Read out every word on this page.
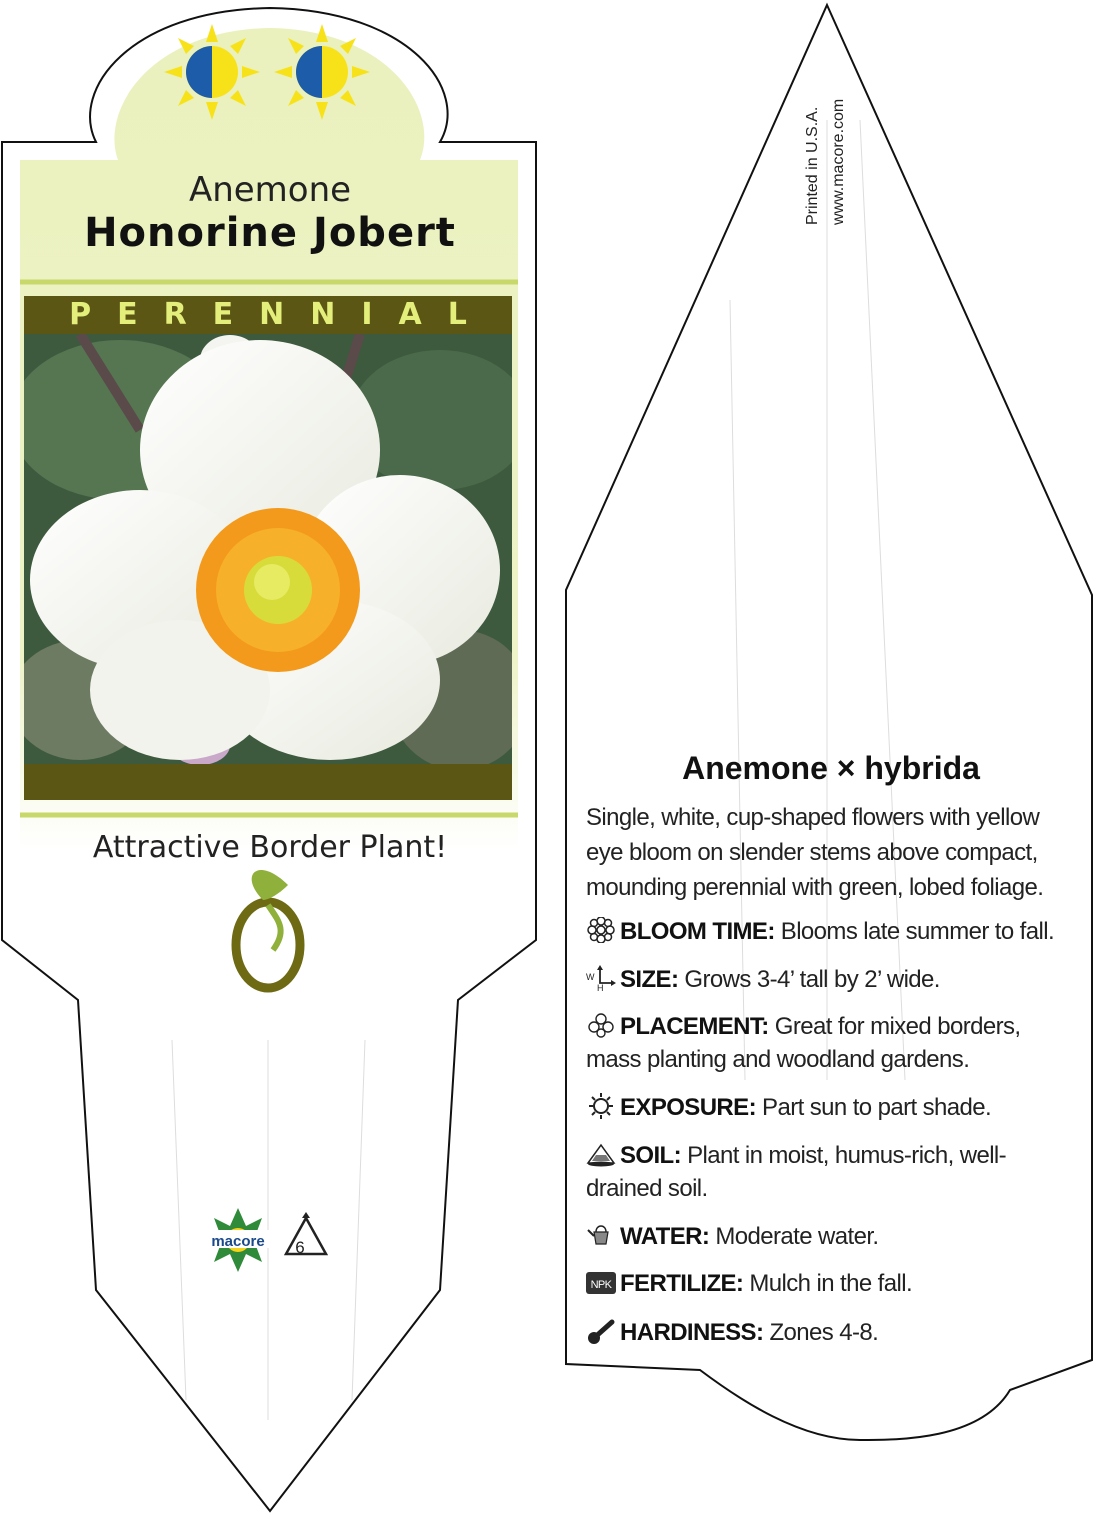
macore 6
Anemone
Honorine Jobert
PERENNIAL
Attractive Border Plant!
Printed in U.S.A. www.macore.com
Anemone × hybrida
Single, white, cup-shaped flowers with yellow eye bloom on slender stems above compact, mounding perennial with green, lobed foliage.
BLOOM TIME: Blooms late summer to fall.
W
H SIZE: Grows 3-4’ tall by 2’ wide.
PLACEMENT: Great for mixed borders, mass planting and woodland gardens.
EXPOSURE: Part sun to part shade.
SOIL: Plant in moist, humus-rich, well-drained soil.
WATER: Moderate water.
NPK FERTILIZE: Mulch in the fall.
HARDINESS: Zones 4-8.
